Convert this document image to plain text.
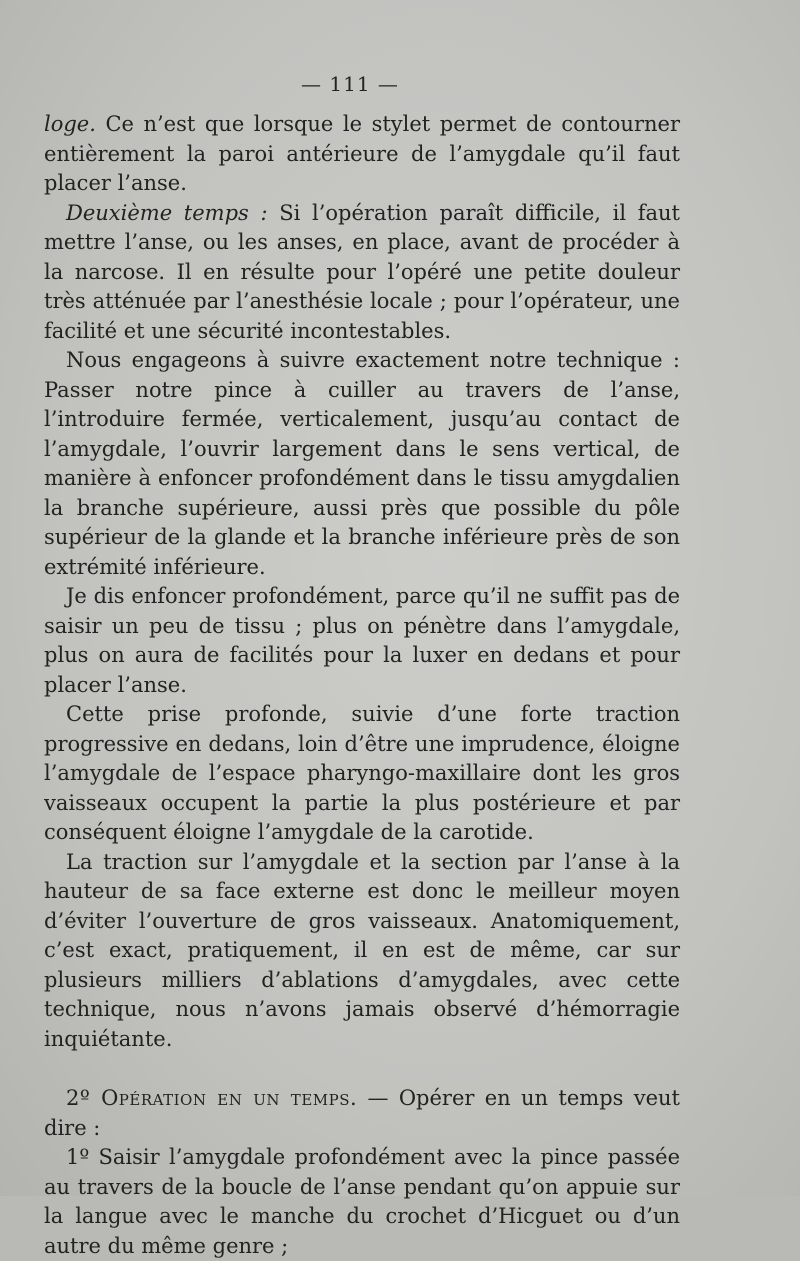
— 111 —

loge. Ce n’est que lorsque le stylet permet de contourner entièrement la paroi antérieure de l’amygdale qu’il faut placer l’anse.

Deuxième temps : Si l’opération paraît difficile, il faut mettre l’anse, ou les anses, en place, avant de procéder à la narcose. Il en résulte pour l’opéré une petite douleur très atténuée par l’anesthésie locale ; pour l’opérateur, une facilité et une sécurité incontestables.

Nous engageons à suivre exactement notre technique : Passer notre pince à cuiller au travers de l’anse, l’introduire fermée, verticalement, jusqu’au contact de l’amygdale, l’ouvrir largement dans le sens vertical, de manière à enfoncer profondément dans le tissu amygdalien la branche supérieure, aussi près que possible du pôle supérieur de la glande et la branche inférieure près de son extrémité inférieure.

Je dis enfoncer profondément, parce qu’il ne suffit pas de saisir un peu de tissu ; plus on pénètre dans l’amygdale, plus on aura de facilités pour la luxer en dedans et pour placer l’anse.

Cette prise profonde, suivie d’une forte traction progressive en dedans, loin d’être une imprudence, éloigne l’amygdale de l’espace pharyngo-maxillaire dont les gros vaisseaux occupent la partie la plus postérieure et par conséquent éloigne l’amygdale de la carotide.

La traction sur l’amygdale et la section par l’anse à la hauteur de sa face externe est donc le meilleur moyen d’éviter l’ouverture de gros vaisseaux. Anatomiquement, c’est exact, pratiquement, il en est de même, car sur plusieurs milliers d’ablations d’amygdales, avec cette technique, nous n’avons jamais observé d’hémorragie inquiétante.

2º Opération en un temps. — Opérer en un temps veut dire :

1º Saisir l’amygdale profondément avec la pince passée au travers de la boucle de l’anse pendant qu’on appuie sur la langue avec le manche du crochet d’Hicguet ou d’un autre du même genre ;
